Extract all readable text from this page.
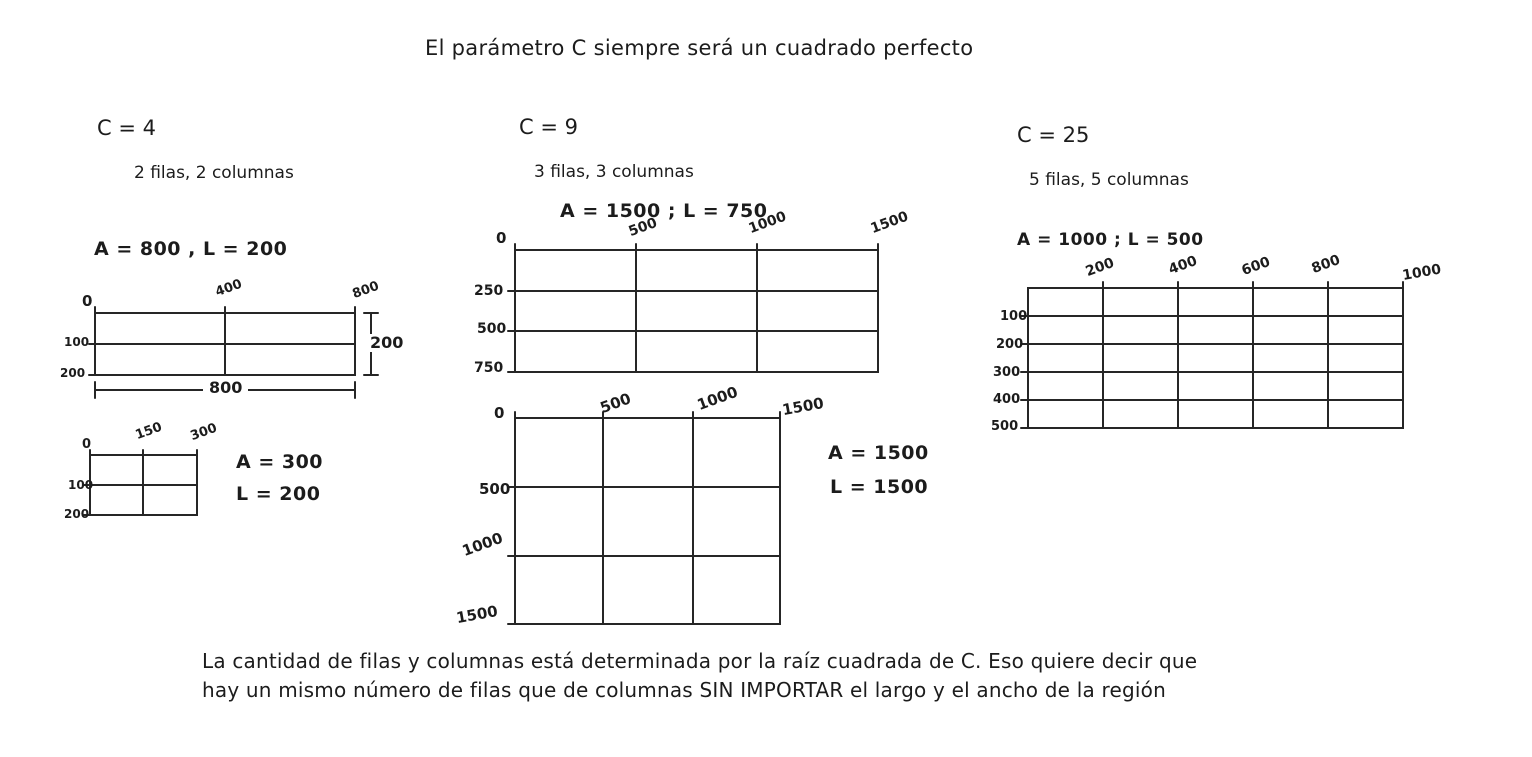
El parámetro C siempre será un cuadrado perfecto
C = 4
2 filas, 2 columnas
A = 800 , L = 200
0
400	800
100
200
800
200
0
150 300
100
200
A = 300
L = 200
C = 9
3 filas, 3 columnas
A = 1500 ; L = 750
0	500	1000	1500
250
500
750
0	500	1000	1500
500
1000
1500
A = 1500
L = 1500
C = 25
5 filas, 5 columnas
A = 1000 ; L = 500
200	400	600	800	1000
100
200
300
400
500
La cantidad de filas y columnas está determinada por la raíz cuadrada de C. Eso quiere decir que
hay un mismo número de filas que de columnas SIN IMPORTAR el largo y el ancho de la región
